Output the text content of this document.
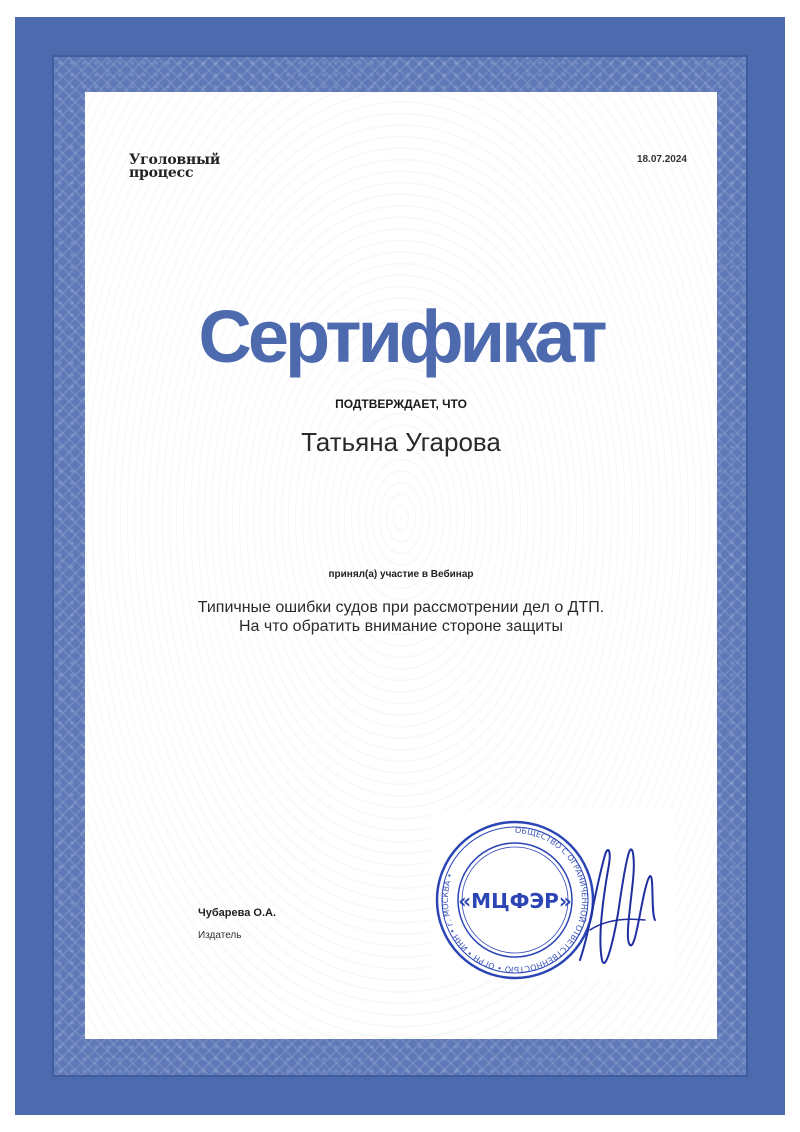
Уголовный
процесс
18.07.2024
Сертификат
ПОДТВЕРЖДАЕТ, ЧТО
Татьяна Угарова
принял(а) участие в Вебинар
Типичные ошибки судов при рассмотрении дел о ДТП.
На что обратить внимание стороне защиты
Чубарева О.А.
Издатель
ОБЩЕСТВО С ОГРАНИЧЕННОЙ ОТВЕТСТВЕННОСТЬЮ • ОГРН • ИНН • г. МОСКВА •
«МЦФЭР»
